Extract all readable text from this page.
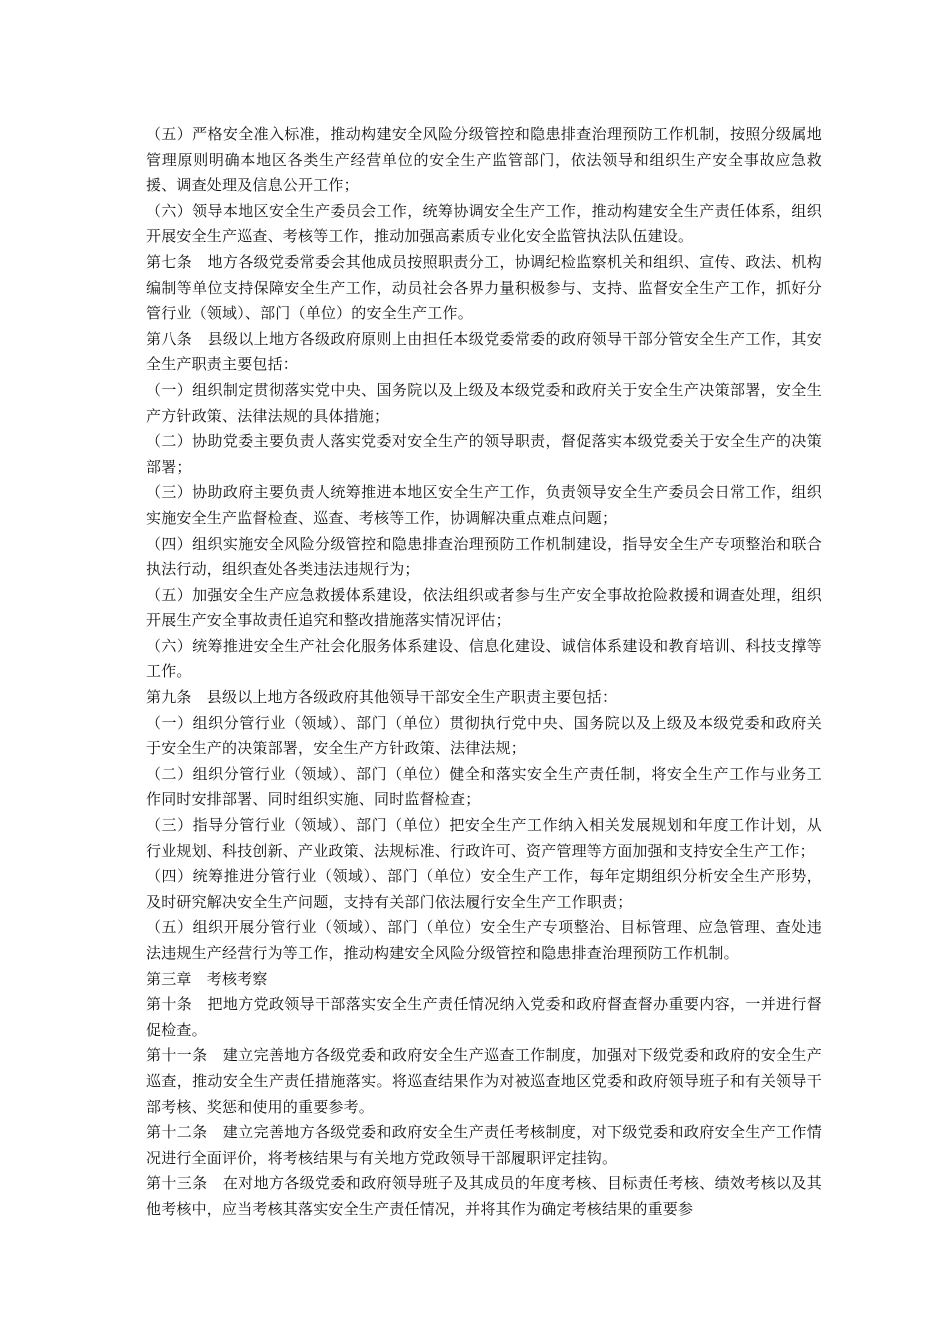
（五）严格安全准入标准，推动构建安全风险分级管控和隐患排查治理预防工作机制，按照分级属地管理原则明确本地区各类生产经营单位的安全生产监管部门，依法领导和组织生产安全事故应急救援、调查处理及信息公开工作；

（六）领导本地区安全生产委员会工作，统筹协调安全生产工作，推动构建安全生产责任体系，组织开展安全生产巡查、考核等工作，推动加强高素质专业化安全监管执法队伍建设。

第七条　地方各级党委常委会其他成员按照职责分工，协调纪检监察机关和组织、宣传、政法、机构编制等单位支持保障安全生产工作，动员社会各界力量积极参与、支持、监督安全生产工作，抓好分管行业（领域）、部门（单位）的安全生产工作。

第八条　县级以上地方各级政府原则上由担任本级党委常委的政府领导干部分管安全生产工作，其安全生产职责主要包括：

（一）组织制定贯彻落实党中央、国务院以及上级及本级党委和政府关于安全生产决策部署，安全生产方针政策、法律法规的具体措施；

（二）协助党委主要负责人落实党委对安全生产的领导职责，督促落实本级党委关于安全生产的决策部署；

（三）协助政府主要负责人统筹推进本地区安全生产工作，负责领导安全生产委员会日常工作，组织实施安全生产监督检查、巡查、考核等工作，协调解决重点难点问题；

（四）组织实施安全风险分级管控和隐患排查治理预防工作机制建设，指导安全生产专项整治和联合执法行动，组织查处各类违法违规行为；

（五）加强安全生产应急救援体系建设，依法组织或者参与生产安全事故抢险救援和调查处理，组织开展生产安全事故责任追究和整改措施落实情况评估；

（六）统筹推进安全生产社会化服务体系建设、信息化建设、诚信体系建设和教育培训、科技支撑等工作。

第九条　县级以上地方各级政府其他领导干部安全生产职责主要包括：

（一）组织分管行业（领域）、部门（单位）贯彻执行党中央、国务院以及上级及本级党委和政府关于安全生产的决策部署，安全生产方针政策、法律法规；

（二）组织分管行业（领域）、部门（单位）健全和落实安全生产责任制，将安全生产工作与业务工作同时安排部署、同时组织实施、同时监督检查；

（三）指导分管行业（领域）、部门（单位）把安全生产工作纳入相关发展规划和年度工作计划，从行业规划、科技创新、产业政策、法规标准、行政许可、资产管理等方面加强和支持安全生产工作；

（四）统筹推进分管行业（领域）、部门（单位）安全生产工作，每年定期组织分析安全生产形势，及时研究解决安全生产问题，支持有关部门依法履行安全生产工作职责；

（五）组织开展分管行业（领域）、部门（单位）安全生产专项整治、目标管理、应急管理、查处违法违规生产经营行为等工作，推动构建安全风险分级管控和隐患排查治理预防工作机制。

第三章　考核考察

第十条　把地方党政领导干部落实安全生产责任情况纳入党委和政府督查督办重要内容，一并进行督促检查。

第十一条　建立完善地方各级党委和政府安全生产巡查工作制度，加强对下级党委和政府的安全生产巡查，推动安全生产责任措施落实。将巡查结果作为对被巡查地区党委和政府领导班子和有关领导干部考核、奖惩和使用的重要参考。

第十二条　建立完善地方各级党委和政府安全生产责任考核制度，对下级党委和政府安全生产工作情况进行全面评价，将考核结果与有关地方党政领导干部履职评定挂钩。

第十三条　在对地方各级党委和政府领导班子及其成员的年度考核、目标责任考核、绩效考核以及其他考核中，应当考核其落实安全生产责任情况，并将其作为确定考核结果的重要参
